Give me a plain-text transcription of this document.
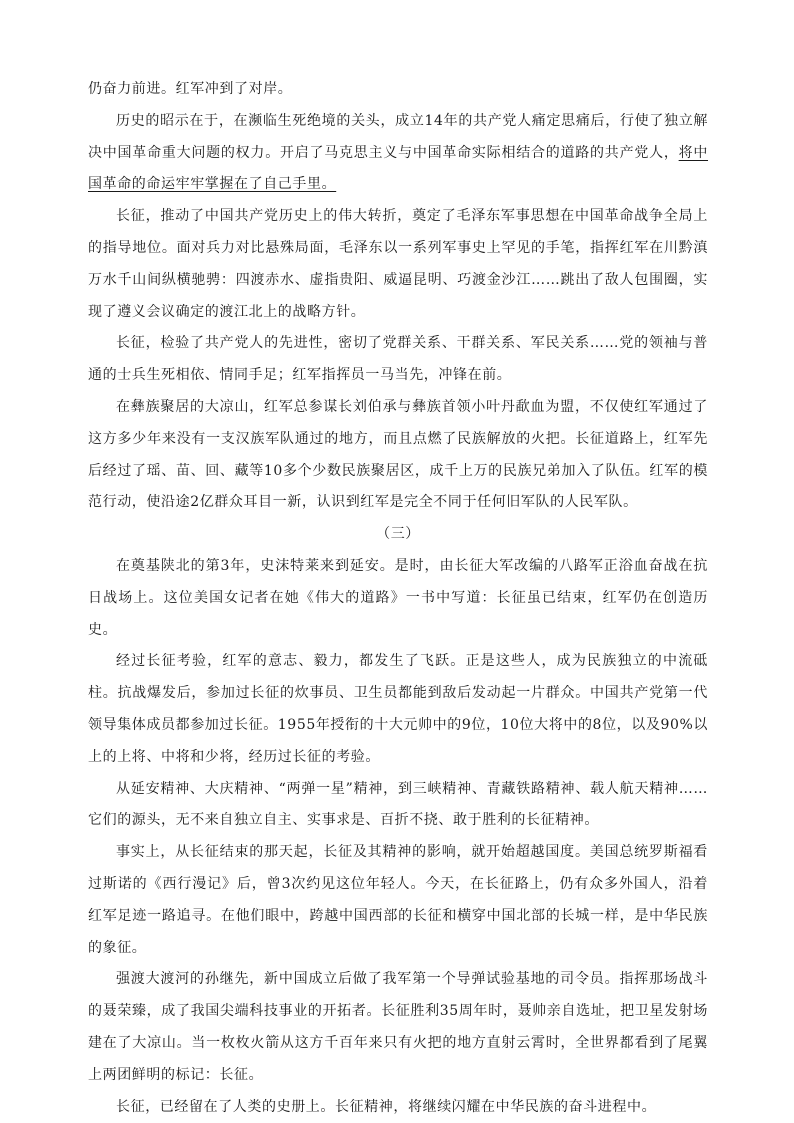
仍奋力前进。红军冲到了对岸。

历史的昭示在于，在濒临生死绝境的关头，成立14年的共产党人痛定思痛后，行使了独立解决中国革命重大问题的权力。开启了马克思主义与中国革命实际相结合的道路的共产党人，将中国革命的命运牢牢掌握在了自己手里。

长征，推动了中国共产党历史上的伟大转折，奠定了毛泽东军事思想在中国革命战争全局上的指导地位。面对兵力对比悬殊局面，毛泽东以一系列军事史上罕见的手笔，指挥红军在川黔滇万水千山间纵横驰骋：四渡赤水、虚指贵阳、威逼昆明、巧渡金沙江……跳出了敌人包围圈，实现了遵义会议确定的渡江北上的战略方针。

长征，检验了共产党人的先进性，密切了党群关系、干群关系、军民关系……党的领袖与普通的士兵生死相依、情同手足；红军指挥员一马当先，冲锋在前。

在彝族聚居的大凉山，红军总参谋长刘伯承与彝族首领小叶丹歃血为盟，不仅使红军通过了这方多少年来没有一支汉族军队通过的地方，而且点燃了民族解放的火把。长征道路上，红军先后经过了瑶、苗、回、藏等10多个少数民族聚居区，成千上万的民族兄弟加入了队伍。红军的模范行动，使沿途2亿群众耳目一新，认识到红军是完全不同于任何旧军队的人民军队。

（三）

在奠基陕北的第3年，史沫特莱来到延安。是时，由长征大军改编的八路军正浴血奋战在抗日战场上。这位美国女记者在她《伟大的道路》一书中写道：长征虽已结束，红军仍在创造历史。

经过长征考验，红军的意志、毅力，都发生了飞跃。正是这些人，成为民族独立的中流砥柱。抗战爆发后，参加过长征的炊事员、卫生员都能到敌后发动起一片群众。中国共产党第一代领导集体成员都参加过长征。1955年授衔的十大元帅中的9位，10位大将中的8位，以及90%以上的上将、中将和少将，经历过长征的考验。

从延安精神、大庆精神、“两弹一星”精神，到三峡精神、青藏铁路精神、载人航天精神……它们的源头，无不来自独立自主、实事求是、百折不挠、敢于胜利的长征精神。

事实上，从长征结束的那天起，长征及其精神的影响，就开始超越国度。美国总统罗斯福看过斯诺的《西行漫记》后，曾3次约见这位年轻人。今天，在长征路上，仍有众多外国人，沿着红军足迹一路追寻。在他们眼中，跨越中国西部的长征和横穿中国北部的长城一样，是中华民族的象征。

强渡大渡河的孙继先，新中国成立后做了我军第一个导弹试验基地的司令员。指挥那场战斗的聂荣臻，成了我国尖端科技事业的开拓者。长征胜利35周年时，聂帅亲自选址，把卫星发射场建在了大凉山。当一枚枚火箭从这方千百年来只有火把的地方直射云霄时，全世界都看到了尾翼上两团鲜明的标记：长征。

长征，已经留在了人类的史册上。长征精神，将继续闪耀在中华民族的奋斗进程中。
